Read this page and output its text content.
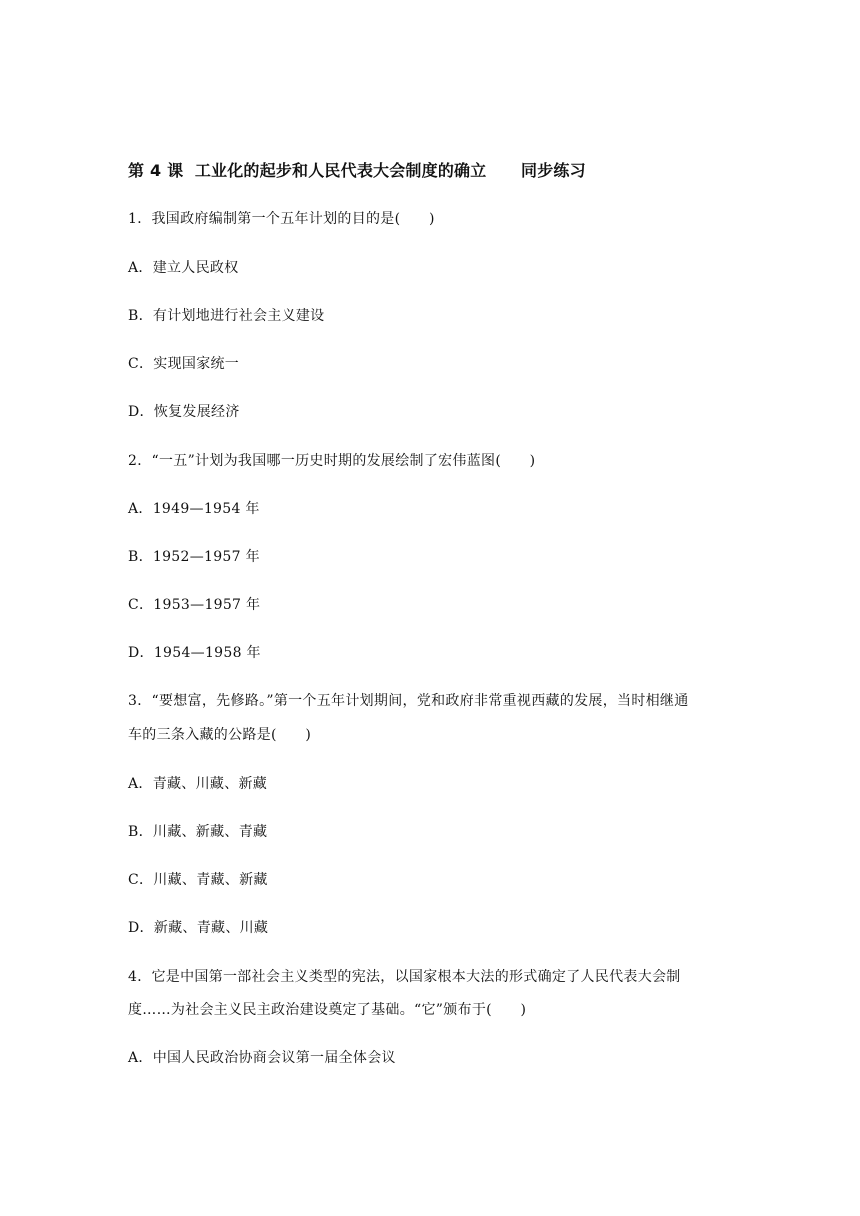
第 4 课  工业化的起步和人民代表大会制度的确立      同步练习
1．我国政府编制第一个五年计划的目的是(　　)
A．建立人民政权
B．有计划地进行社会主义建设
C．实现国家统一
D．恢复发展经济
2．“一五”计划为我国哪一历史时期的发展绘制了宏伟蓝图(　　)
A．1949—1954 年
B．1952—1957 年
C．1953—1957 年
D．1954—1958 年
3．“要想富，先修路。”第一个五年计划期间，党和政府非常重视西藏的发展，当时相继通
车的三条入藏的公路是(　　)
A．青藏、川藏、新藏
B．川藏、新藏、青藏
C．川藏、青藏、新藏
D．新藏、青藏、川藏
4．它是中国第一部社会主义类型的宪法，以国家根本大法的形式确定了人民代表大会制
度……为社会主义民主政治建设奠定了基础。“它”颁布于(　　)
A．中国人民政治协商会议第一届全体会议
